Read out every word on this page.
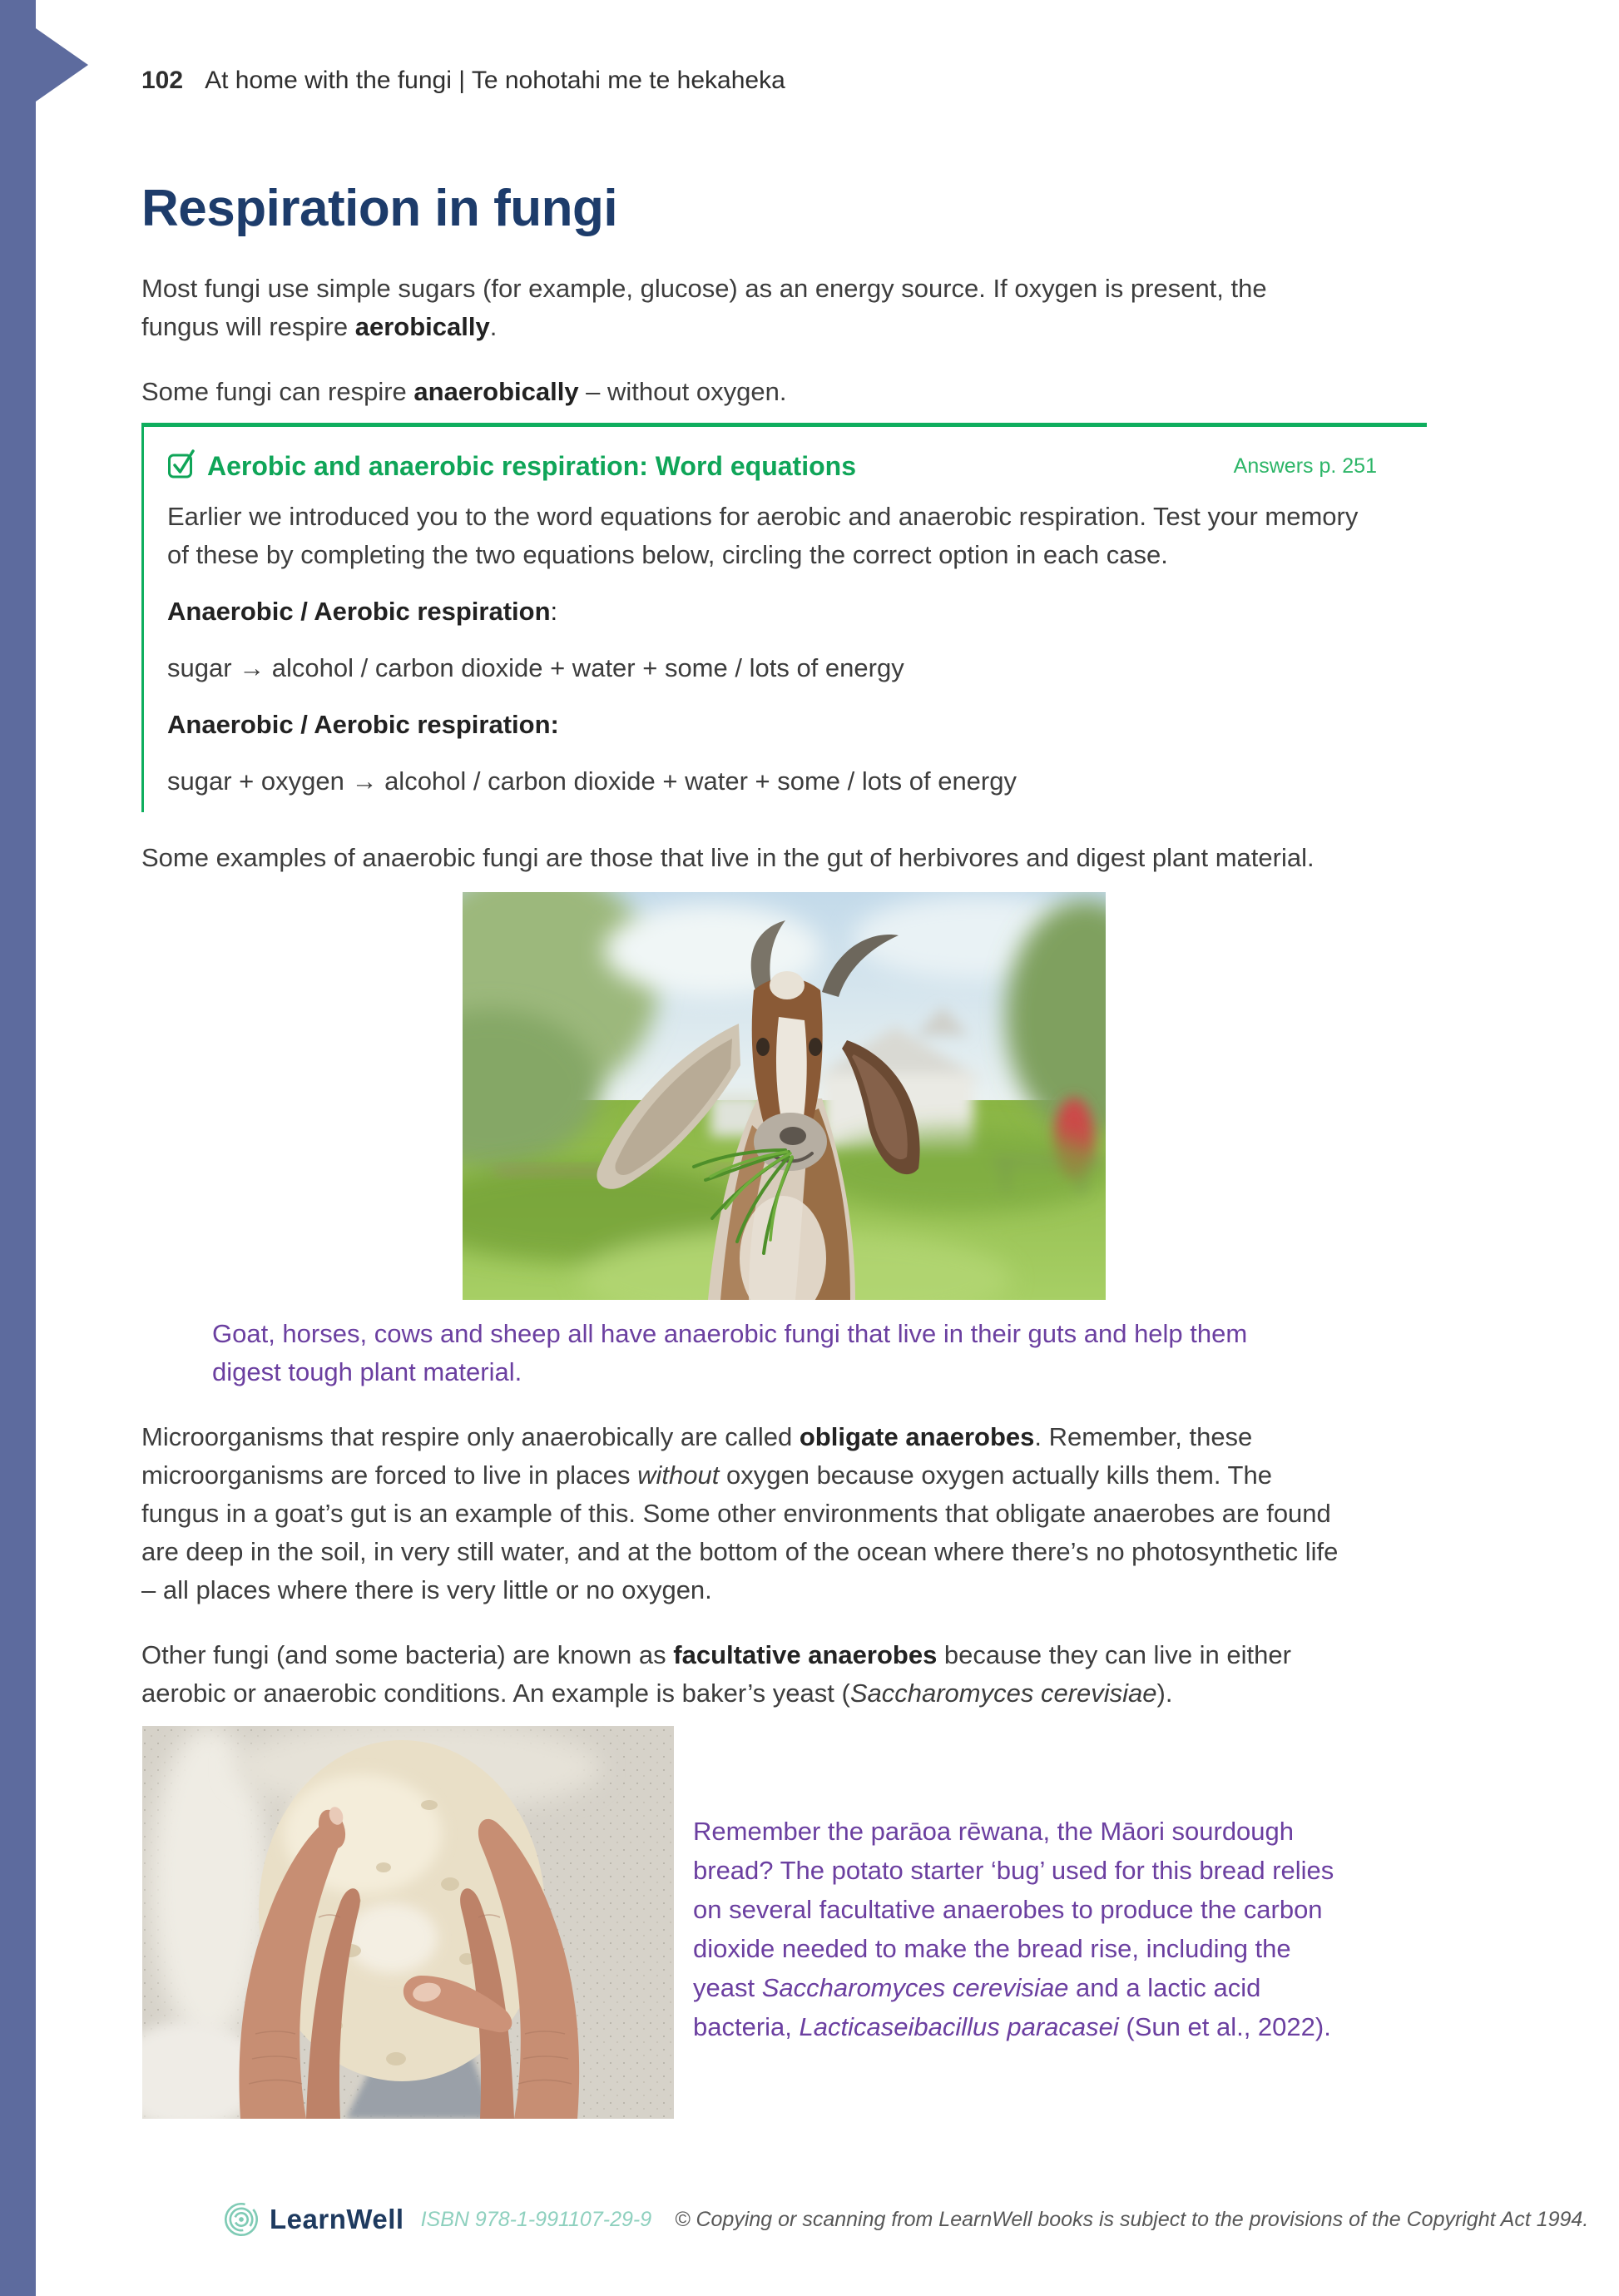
102 At home with the fungi | Te nohotahi me te hekaheka
Respiration in fungi

Most fungi use simple sugars (for example, glucose) as an energy source. If oxygen is present, the fungus will respire aerobically.

Some fungi can respire anaerobically – without oxygen.

Aerobic and anaerobic respiration: Word equations	Answers p. 251

Earlier we introduced you to the word equations for aerobic and anaerobic respiration. Test your memory of these by completing the two equations below, circling the correct option in each case.

Anaerobic / Aerobic respiration:

sugar → alcohol / carbon dioxide + water + some / lots of energy

Anaerobic / Aerobic respiration:

sugar + oxygen → alcohol / carbon dioxide + water + some / lots of energy

Some examples of anaerobic fungi are those that live in the gut of herbivores and digest plant material.

Goat, horses, cows and sheep all have anaerobic fungi that live in their guts and help them digest tough plant material.

Microorganisms that respire only anaerobically are called obligate anaerobes. Remember, these microorganisms are forced to live in places without oxygen because oxygen actually kills them. The fungus in a goat’s gut is an example of this. Some other environments that obligate anaerobes are found are deep in the soil, in very still water, and at the bottom of the ocean where there’s no photosynthetic life – all places where there is very little or no oxygen.

Other fungi (and some bacteria) are known as facultative anaerobes because they can live in either aerobic or anaerobic conditions. An example is baker’s yeast (Saccharomyces cerevisiae).

Remember the parāoa rēwana, the Māori sourdough bread? The potato starter ‘bug’ used for this bread relies on several facultative anaerobes to produce the carbon dioxide needed to make the bread rise, including the yeast Saccharomyces cerevisiae and a lactic acid bacteria, Lacticaseibacillus paracasei (Sun et al., 2022).

LearnWell ISBN 978-1-991107-29-9 © Copying or scanning from LearnWell books is subject to the provisions of the Copyright Act 1994.
